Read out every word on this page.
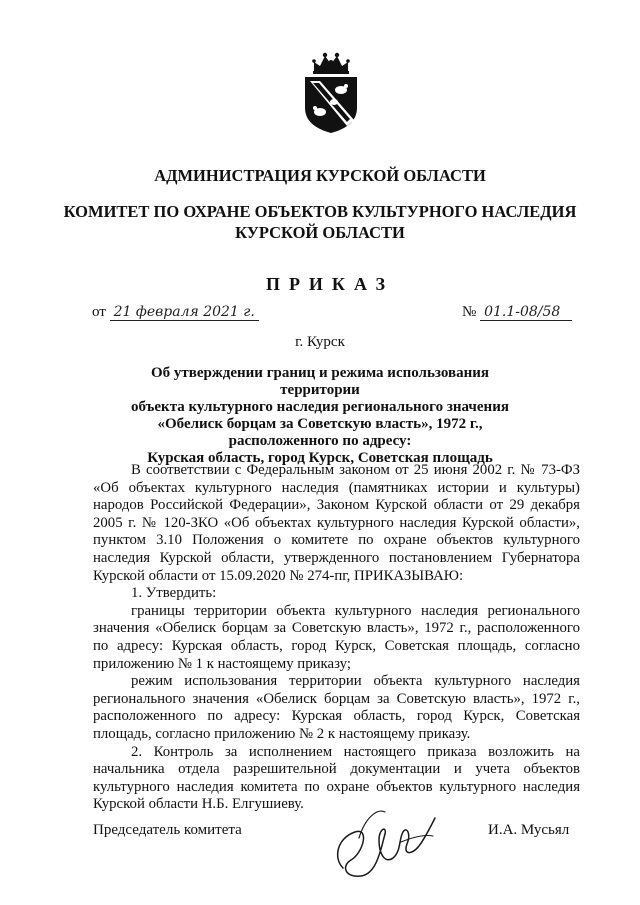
АДМИНИСТРАЦИЯ КУРСКОЙ ОБЛАСТИ
КОМИТЕТ ПО ОХРАНЕ ОБЪЕКТОВ КУЛЬТУРНОГО НАСЛЕДИЯ
КУРСКОЙ ОБЛАСТИ
ПРИКАЗ
от 21 февраля 2021 г.	№ 01.1-08/58
г. Курск
Об утверждении границ и режима использования территории
объекта культурного наследия регионального значения
«Обелиск борцам за Советскую власть», 1972 г.,
расположенного по адресу:
Курская область, город Курск, Советская площадь

В соответствии с Федеральным законом от 25 июня 2002 г. № 73-ФЗ «Об объектах культурного наследия (памятниках истории и культуры) народов Российской Федерации», Законом Курской области от 29 декабря 2005 г. № 120-ЗКО «Об объектах культурного наследия Курской области», пунктом 3.10 Положения о комитете по охране объектов культурного наследия Курской области, утвержденного постановлением Губернатора Курской области от 15.09.2020 № 274-пг, ПРИКАЗЫВАЮ:

1. Утвердить:

границы территории объекта культурного наследия регионального значения «Обелиск борцам за Советскую власть», 1972 г., расположенного по адресу: Курская область, город Курск, Советская площадь, согласно приложению № 1 к настоящему приказу;

режим использования территории объекта культурного наследия регионального значения «Обелиск борцам за Советскую власть», 1972 г., расположенного по адресу: Курская область, город Курск, Советская площадь, согласно приложению № 2 к настоящему приказу.

2. Контроль за исполнением настоящего приказа возложить на начальника отдела разрешительной документации и учета объектов культурного наследия комитета по охране объектов культурного наследия Курской области Н.Б. Елгушиеву.

Председатель комитета	И.А. Мусьял
